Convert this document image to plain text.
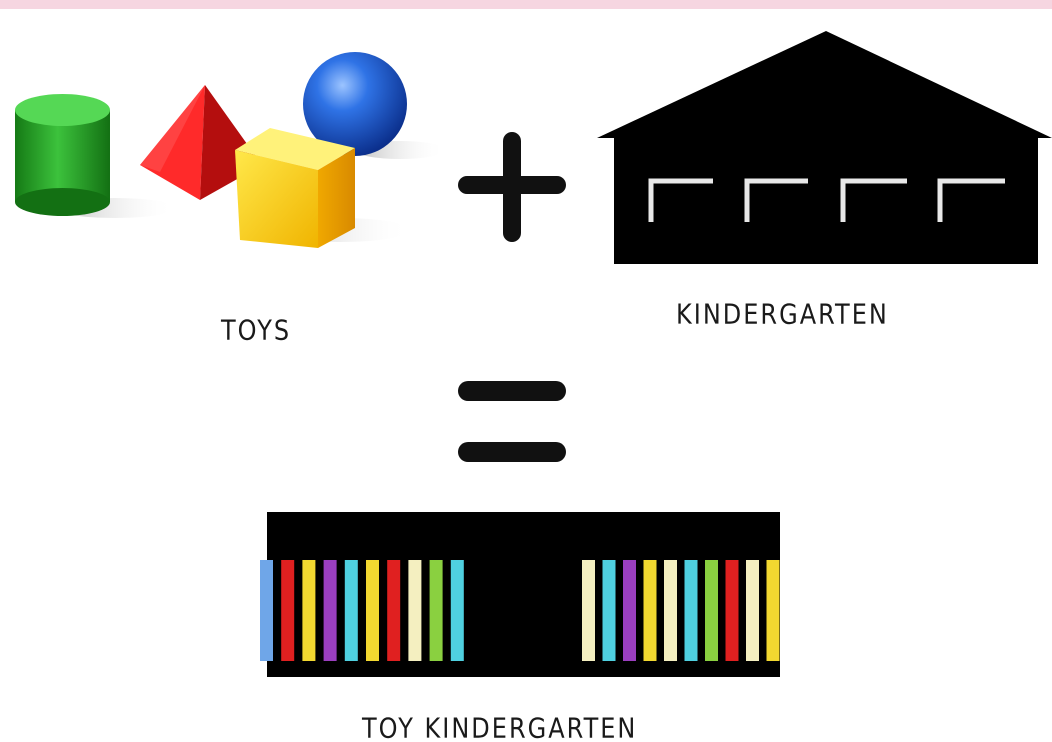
TOYS	KINDERGARTEN
TOY KINDERGARTEN
